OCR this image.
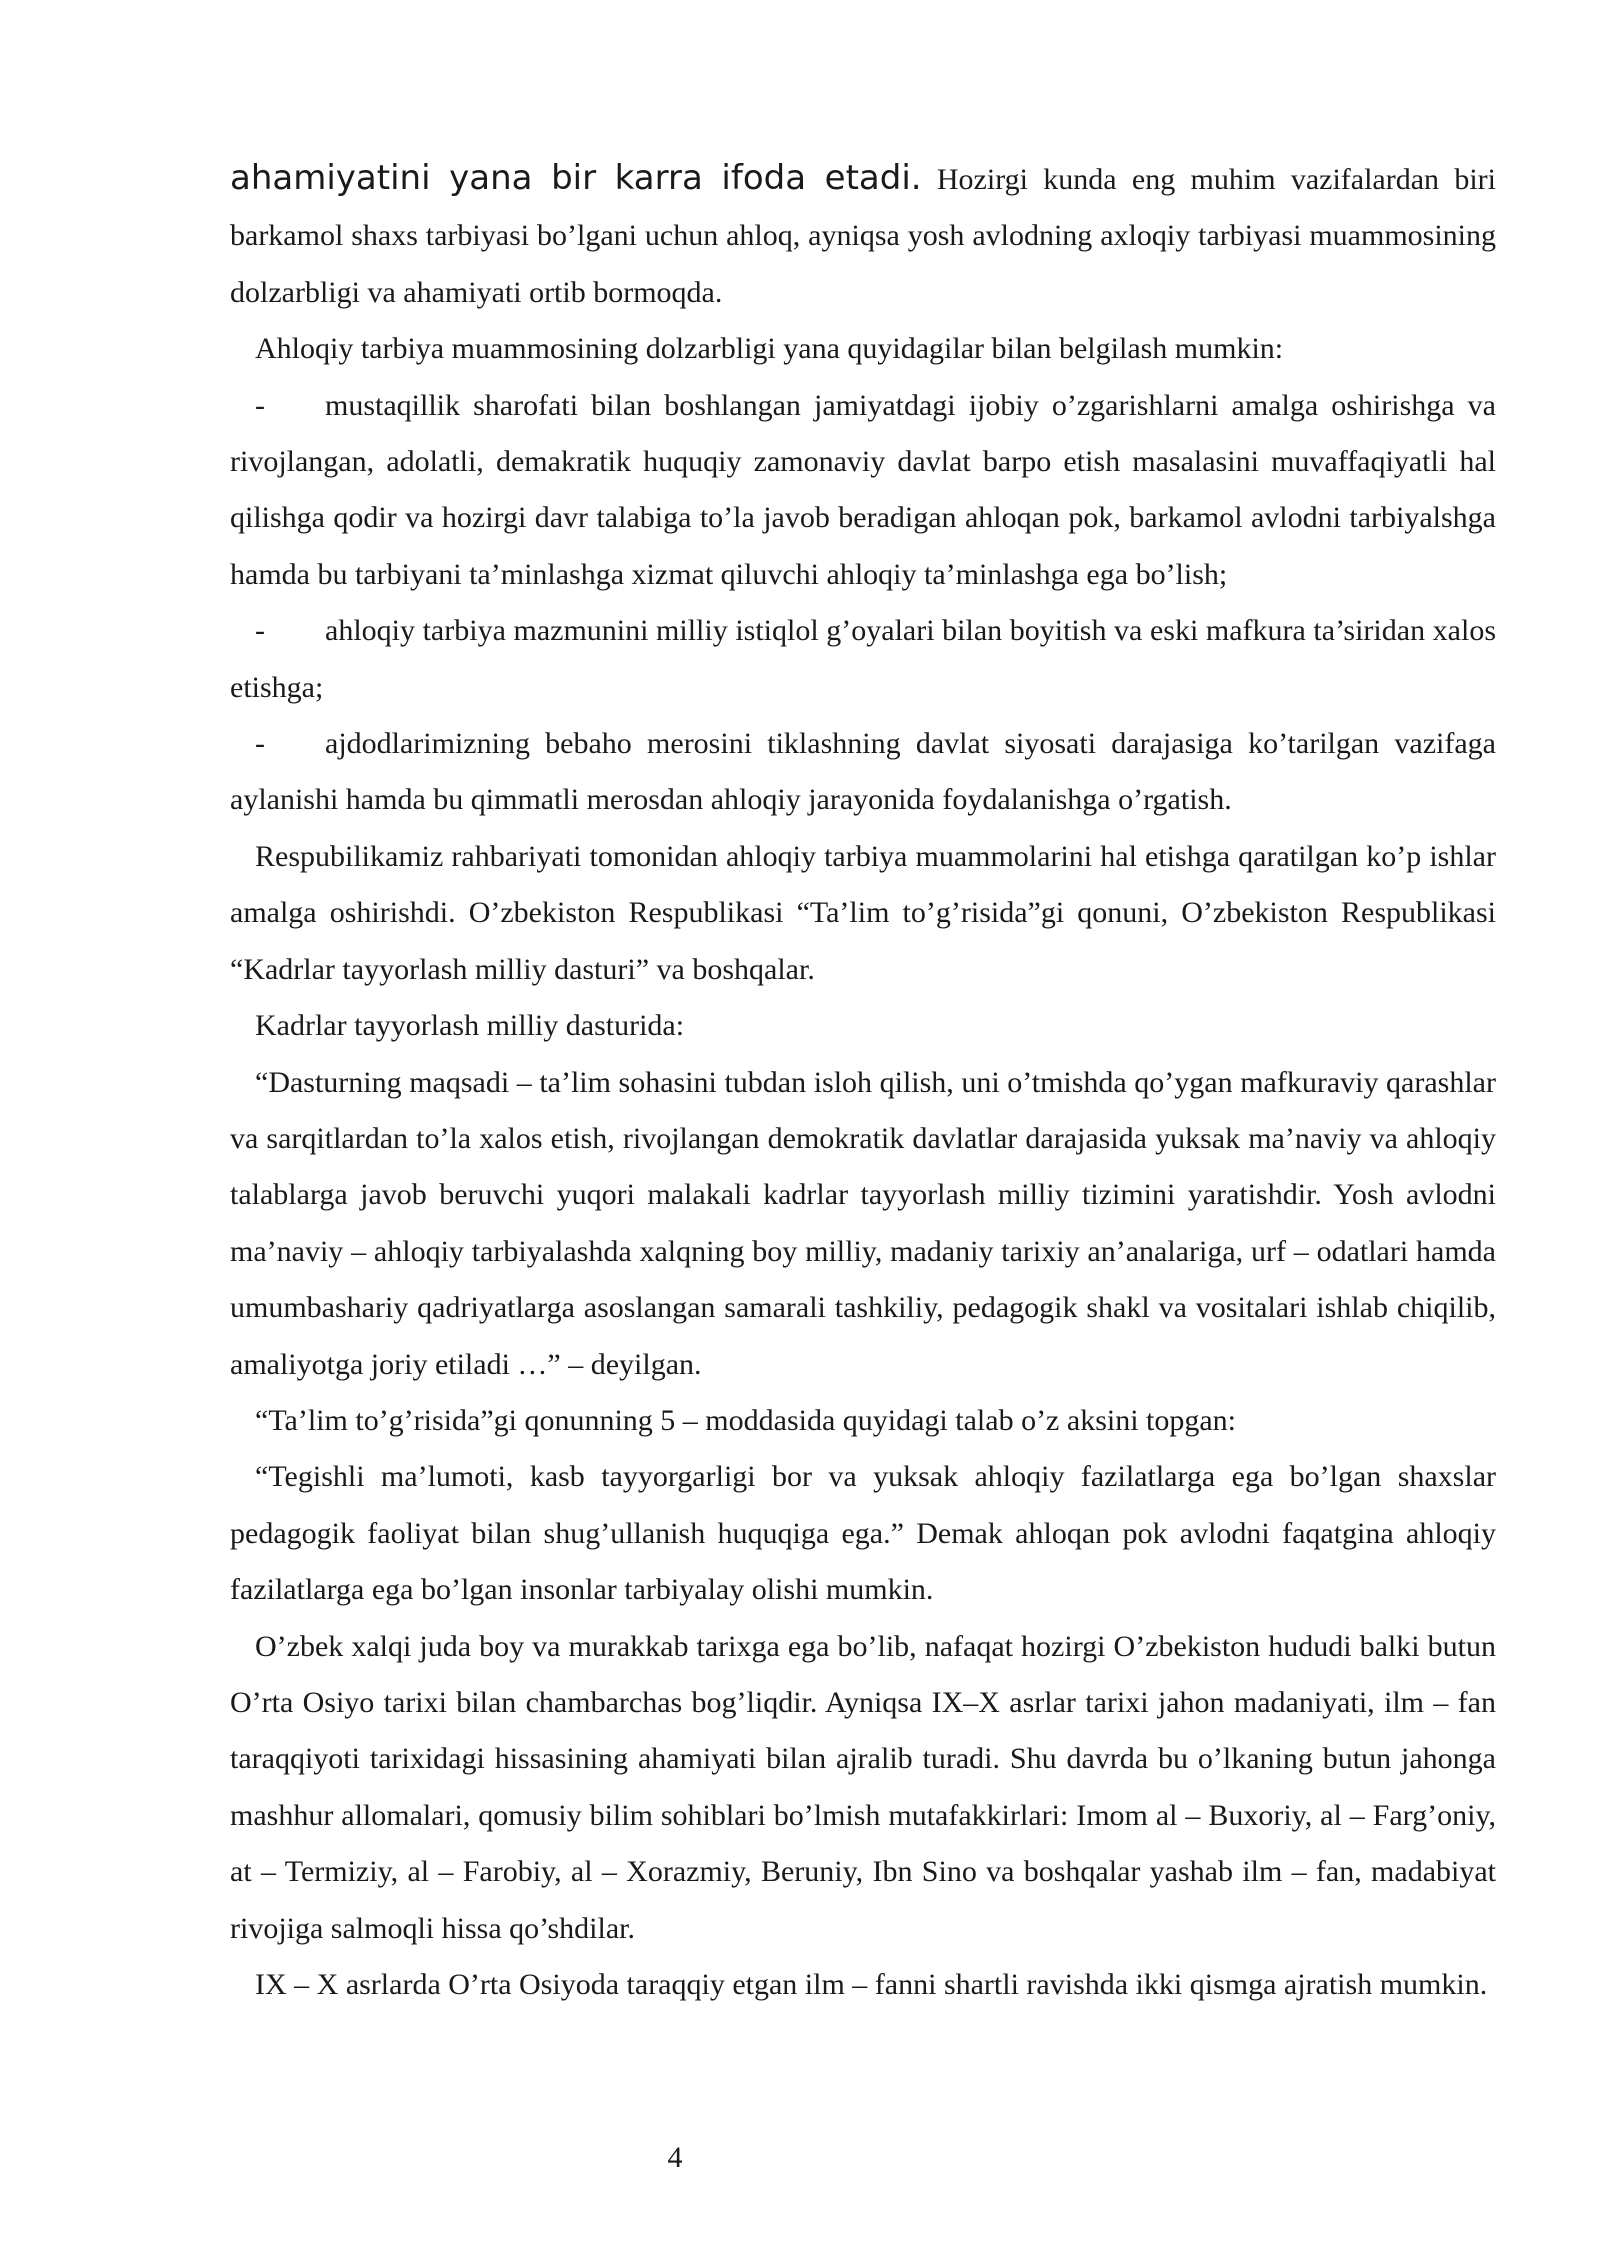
ahamiyatini yana bir karra ifoda etadi. Hozirgi kunda eng muhim vazifalardan biri barkamol shaxs tarbiyasi bo’lgani uchun ahloq, ayniqsa yosh avlodning axloqiy tarbiyasi muammosining dolzarbligi va ahamiyati ortib bormoqda.

Ahloqiy tarbiya muammosining dolzarbligi yana quyidagilar bilan belgilash mumkin:

- mustaqillik sharofati bilan boshlangan jamiyatdagi ijobiy o’zgarishlarni amalga oshirishga va rivojlangan, adolatli, demakratik huquqiy zamonaviy davlat barpo etish masalasini muvaffaqiyatli hal qilishga qodir va hozirgi davr talabiga to’la javob beradigan ahloqan pok, barkamol avlodni tarbiyalshga hamda bu tarbiyani ta’minlashga xizmat qiluvchi ahloqiy ta’minlashga ega bo’lish;

- ahloqiy tarbiya mazmunini milliy istiqlol g’oyalari bilan boyitish va eski mafkura ta’siridan xalos etishga;

- ajdodlarimizning bebaho merosini tiklashning davlat siyosati darajasiga ko’tarilgan vazifaga aylanishi hamda bu qimmatli merosdan ahloqiy jarayonida foydalanishga o’rgatish.

Respubilikamiz rahbariyati tomonidan ahloqiy tarbiya muammolarini hal etishga qaratilgan ko’p ishlar amalga oshirishdi. O’zbekiston Respublikasi “Ta’lim to’g’risida”gi qonuni, O’zbekiston Respublikasi “Kadrlar tayyorlash milliy dasturi” va boshqalar.

Kadrlar tayyorlash milliy dasturida:

“Dasturning maqsadi – ta’lim sohasini tubdan isloh qilish, uni o’tmishda qo’ygan mafkuraviy qarashlar va sarqitlardan to’la xalos etish, rivojlangan demokratik davlatlar darajasida yuksak ma’naviy va ahloqiy talablarga javob beruvchi yuqori malakali kadrlar tayyorlash milliy tizimini yaratishdir. Yosh avlodni ma’naviy – ahloqiy tarbiyalashda xalqning boy milliy, madaniy tarixiy an’analariga, urf – odatlari hamda umumbashariy qadriyatlarga asoslangan samarali tashkiliy, pedagogik shakl va vositalari ishlab chiqilib, amaliyotga joriy etiladi …” – deyilgan.

“Ta’lim to’g’risida”gi qonunning 5 – moddasida quyidagi talab o’z aksini topgan:

“Tegishli ma’lumoti, kasb tayyorgarligi bor va yuksak ahloqiy fazilatlarga ega bo’lgan shaxslar pedagogik faoliyat bilan shug’ullanish huquqiga ega.” Demak ahloqan pok avlodni faqatgina ahloqiy fazilatlarga ega bo’lgan insonlar tarbiyalay olishi mumkin.

O’zbek xalqi juda boy va murakkab tarixga ega bo’lib, nafaqat hozirgi O’zbekiston hududi balki butun O’rta Osiyo tarixi bilan chambarchas bog’liqdir. Ayniqsa IX–X asrlar tarixi jahon madaniyati, ilm – fan taraqqiyoti tarixidagi hissasining ahamiyati bilan ajralib turadi. Shu davrda bu o’lkaning butun jahonga mashhur allomalari, qomusiy bilim sohiblari bo’lmish mutafakkirlari: Imom al – Buxoriy, al – Farg’oniy, at – Termiziy, al – Farobiy, al – Xorazmiy, Beruniy, Ibn Sino va boshqalar yashab ilm – fan, madabiyat rivojiga salmoqli hissa qo’shdilar.

IX – X asrlarda O’rta Osiyoda taraqqiy etgan ilm – fanni shartli ravishda ikki qismga ajratish mumkin.

4
